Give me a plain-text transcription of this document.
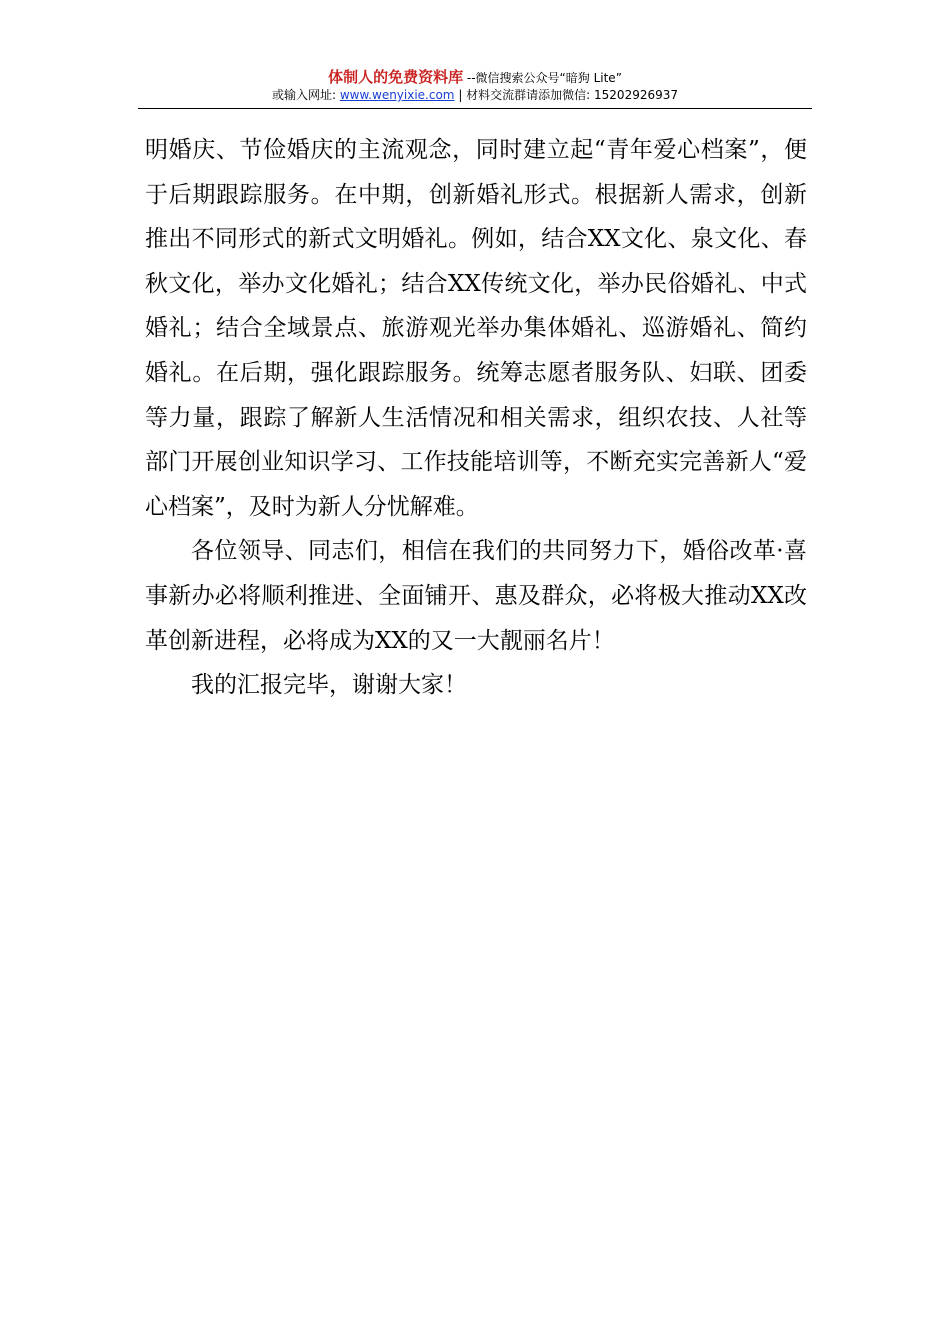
体制人的免费资料库 --微信搜索公众号“暗狗 Lite”
或输入网址: www.wenyixie.com | 材料交流群请添加微信: 15202926937

明婚庆、节俭婚庆的主流观念，同时建立起“青年爱心档案”，便于后期跟踪服务。在中期，创新婚礼形式。根据新人需求，创新推出不同形式的新式文明婚礼。例如，结合XX文化、泉文化、春秋文化，举办文化婚礼；结合XX传统文化，举办民俗婚礼、中式婚礼；结合全域景点、旅游观光举办集体婚礼、巡游婚礼、简约婚礼。在后期，强化跟踪服务。统筹志愿者服务队、妇联、团委等力量，跟踪了解新人生活情况和相关需求，组织农技、人社等部门开展创业知识学习、工作技能培训等，不断充实完善新人“爱心档案”，及时为新人分忧解难。

各位领导、同志们，相信在我们的共同努力下，婚俗改革·喜事新办必将顺利推进、全面铺开、惠及群众，必将极大推动XX改革创新进程，必将成为XX的又一大靓丽名片！

我的汇报完毕，谢谢大家！
